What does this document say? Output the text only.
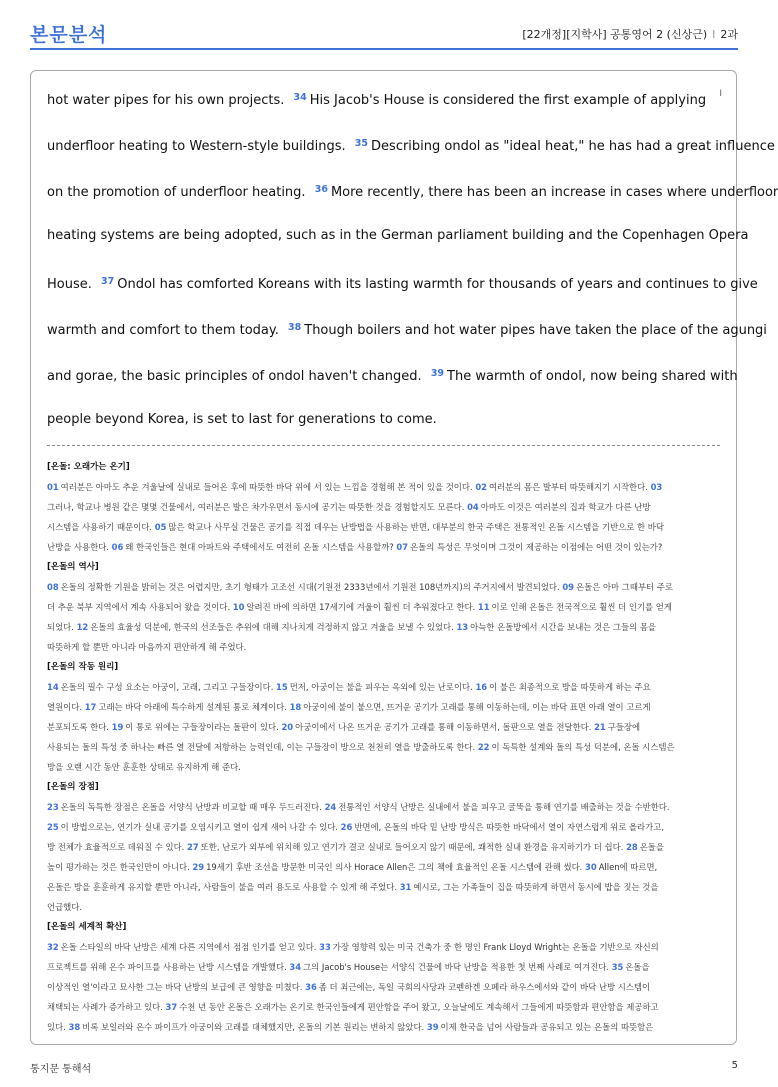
본문분석	[22개정][지학사] 공통영어 2 (신상근) I 2과
I
hot water pipes for his own projects. $^{34}$ His Jacob's House is considered the first example of applying
underfloor heating to Western-style buildings. $^{35}$ Describing ondol as "ideal heat," he has had a great influence
on the promotion of underfloor heating. $^{36}$ More recently, there has been an increase in cases where underfloor
heating systems are being adopted, such as in the German parliament building and the Copenhagen Opera
House. $^{37}$ Ondol has comforted Koreans with its lasting warmth for thousands of years and continues to give
warmth and comfort to them today. $^{38}$ Though boilers and hot water pipes have taken the place of the agungi
and gorae, the basic principles of ondol haven't changed. $^{39}$ The warmth of ondol, now being shared with
people beyond Korea, is set to last for generations to come.
[온돌: 오래가는 온기]
01 여러분은 아마도 추운 겨울날에 실내로 들어온 후에 따뜻한 바닥 위에 서 있는 느낌을 경험해 본 적이 있을 것이다. 02 여러분의 몸은 발부터 따뜻해지기 시작한다. 03
그러나, 학교나 병원 같은 몇몇 건물에서, 여러분은 발은 차가우면서 동시에 공기는 따뜻한 것을 경험할지도 모른다. 04 아마도 이것은 여러분의 집과 학교가 다른 난방
시스템을 사용하기 때문이다. 05 많은 학교나 사무실 건물은 공기를 직접 데우는 난방법을 사용하는 반면, 대부분의 한국 주택은 전통적인 온돌 시스템을 기반으로 한 바닥
난방을 사용한다. 06 왜 한국인들은 현대 아파트와 주택에서도 여전히 온돌 시스템을 사용할까? 07 온돌의 특성은 무엇이며 그것이 제공하는 이점에는 어떤 것이 있는가?
[온돌의 역사]
08 온돌의 정확한 기원을 밝히는 것은 어렵지만, 초기 형태가 고조선 시대(기원전 2333년에서 기원전 108년까지)의 주거지에서 발견되었다. 09 온돌은 아마 그때부터 주로
더 추운 북부 지역에서 계속 사용되어 왔을 것이다. 10 알려진 바에 의하면 17세기에 겨울이 훨씬 더 추워졌다고 한다. 11 이로 인해 온돌은 전국적으로 훨씬 더 인기를 얻게
되었다. 12 온돌의 효율성 덕분에, 한국의 선조들은 추위에 대해 지나치게 걱정하지 않고 겨울을 보낼 수 있었다. 13 아늑한 온돌방에서 시간을 보내는 것은 그들의 몸을
따뜻하게 할 뿐만 아니라 마음까지 편안하게 해 주었다.
[온돌의 작동 원리]
14 온돌의 필수 구성 요소는 아궁이, 고래, 그리고 구들장이다. 15 먼저, 아궁이는 불을 피우는 옥외에 있는 난로이다. 16 이 불은 최종적으로 방을 따뜻하게 하는 주요
열원이다. 17 고래는 바닥 아래에 특수하게 설계된 통로 체계이다. 18 아궁이에 불이 붙으면, 뜨거운 공기가 고래를 통해 이동하는데, 이는 바닥 표면 아래 열이 고르게
분포되도록 한다. 19 이 통로 위에는 구들장이라는 돌판이 있다. 20 아궁이에서 나온 뜨거운 공기가 고래를 통해 이동하면서, 돌판으로 열을 전달한다. 21 구들장에
사용되는 돌의 특성 중 하나는 빠른 열 전달에 저항하는 능력인데, 이는 구들장이 방으로 천천히 열을 방출하도록 한다. 22 이 독특한 설계와 돌의 특성 덕분에, 온돌 시스템은
방을 오랜 시간 동안 훈훈한 상태로 유지하게 해 준다.
[온돌의 장점]
23 온돌의 독특한 장점은 온돌을 서양식 난방과 비교할 때 매우 두드러진다. 24 전통적인 서양식 난방은 실내에서 불을 피우고 굴뚝을 통해 연기를 배출하는 것을 수반한다.
25 이 방법으로는, 연기가 실내 공기를 오염시키고 열이 쉽게 새어 나갈 수 있다. 26 반면에, 온돌의 바닥 밑 난방 방식은 따뜻한 바닥에서 열이 자연스럽게 위로 올라가고,
방 전체가 효율적으로 데워질 수 있다. 27 또한, 난로가 외부에 위치해 있고 연기가 결코 실내로 들어오지 않기 때문에, 쾌적한 실내 환경을 유지하기가 더 쉽다. 28 온돌을
높이 평가하는 것은 한국인만이 아니다. 29 19세기 후반 조선을 방문한 미국인 의사 Horace Allen은 그의 책에 효율적인 온돌 시스템에 관해 썼다. 30 Allen에 따르면,
온돌은 방을 훈훈하게 유지할 뿐만 아니라, 사람들이 불을 여러 용도로 사용할 수 있게 해 주었다. 31 예시로, 그는 가족들이 집을 따뜻하게 하면서 동시에 밥을 짓는 것을
언급했다.
[온돌의 세계적 확산]
32 온돌 스타일의 바닥 난방은 세계 다른 지역에서 점점 인기를 얻고 있다. 33 가장 영향력 있는 미국 건축가 중 한 명인 Frank Lloyd Wright는 온돌을 기반으로 자신의
프로젝트를 위해 온수 파이프를 사용하는 난방 시스템을 개발했다. 34 그의 Jacob's House는 서양식 건물에 바닥 난방을 적용한 첫 번째 사례로 여겨진다. 35 온돌을
이상적인 열'이라고 묘사한 그는 바닥 난방의 보급에 큰 영향을 미쳤다. 36 좀 더 최근에는, 독일 국회의사당과 코펜하겐 오페라 하우스에서와 같이 바닥 난방 시스템이
채택되는 사례가 증가하고 있다. 37 수천 년 동안 온돌은 오래가는 온기로 한국인들에게 편안함을 주어 왔고, 오늘날에도 계속해서 그들에게 따뜻함과 편안함을 제공하고
있다. 38 비록 보일러와 온수 파이프가 아궁이와 고래를 대체했지만, 온돌의 기본 원리는 변하지 않았다. 39 이제 한국을 넘어 사람들과 공유되고 있는 온돌의 따뜻함은
통지문 통해석	5
